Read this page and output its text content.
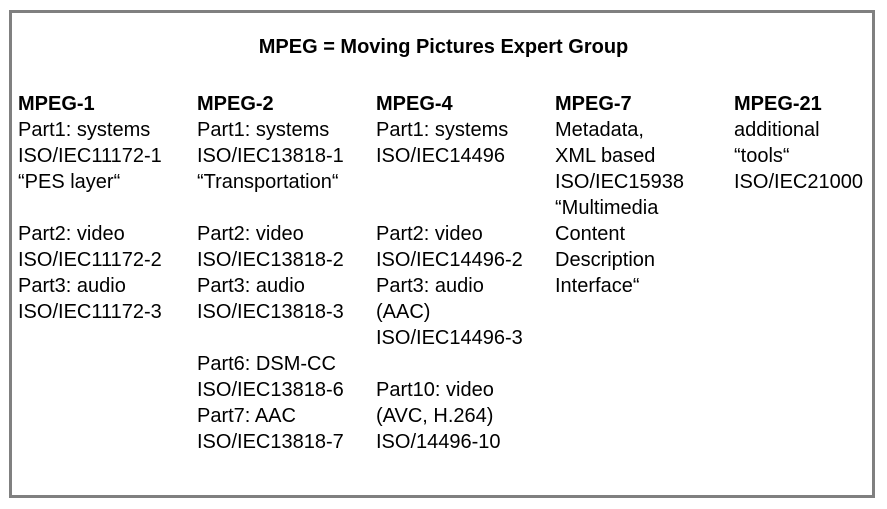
MPEG = Moving Pictures Expert Group
MPEG-1
Part1: systems
ISO/IEC11172-1
“PES layer“
Part2: video
ISO/IEC11172-2
Part3: audio
ISO/IEC11172-3
MPEG-2
Part1: systems
ISO/IEC13818-1
“Transportation“
Part2: video
ISO/IEC13818-2
Part3: audio
ISO/IEC13818-3
Part6: DSM-CC
ISO/IEC13818-6
Part7: AAC
ISO/IEC13818-7
MPEG-4
Part1: systems
ISO/IEC14496
Part2: video
ISO/IEC14496-2
Part3: audio
(AAC)
ISO/IEC14496-3
Part10: video
(AVC, H.264)
ISO/14496-10
MPEG-7
Metadata,
XML based
ISO/IEC15938
“Multimedia
Content
Description
Interface“
MPEG-21
additional
“tools“
ISO/IEC21000
